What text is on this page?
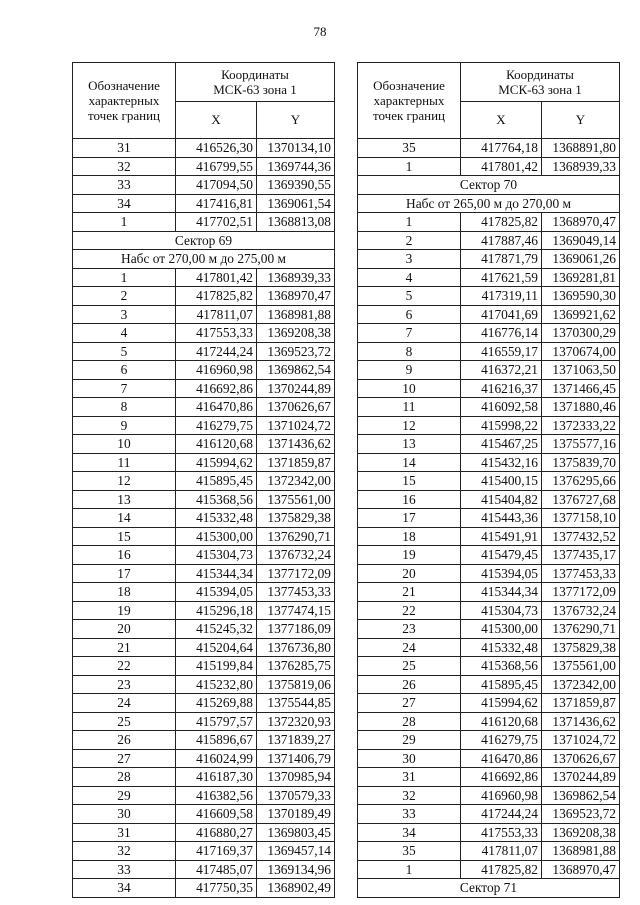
78
Обозначение
характерных
точек границ	Координаты
МСК-63 зона 1	
	X	Y
31	416526,30	1370134,10
32	416799,55	1369744,36
33	417094,50	1369390,55
34	417416,81	1369061,54
1	417702,51	1368813,08
Сектор 69		
Набс от 270,00 м до 275,00 м		
1	417801,42	1368939,33
2	417825,82	1368970,47
3	417811,07	1368981,88
4	417553,33	1369208,38
5	417244,24	1369523,72
6	416960,98	1369862,54
7	416692,86	1370244,89
8	416470,86	1370626,67
9	416279,75	1371024,72
10	416120,68	1371436,62
11	415994,62	1371859,87
12	415895,45	1372342,00
13	415368,56	1375561,00
14	415332,48	1375829,38
15	415300,00	1376290,71
16	415304,73	1376732,24
17	415344,34	1377172,09
18	415394,05	1377453,33
19	415296,18	1377474,15
20	415245,32	1377186,09
21	415204,64	1376736,80
22	415199,84	1376285,75
23	415232,80	1375819,06
24	415269,88	1375544,85
25	415797,57	1372320,93
26	415896,67	1371839,27
27	416024,99	1371406,79
28	416187,30	1370985,94
29	416382,56	1370579,33
30	416609,58	1370189,49
31	416880,27	1369803,45
32	417169,37	1369457,14
33	417485,07	1369134,96
34	417750,35	1368902,49
Обозначение
характерных
точек границ	Координаты
МСК-63 зона 1	
	X	Y
35	417764,18	1368891,80
1	417801,42	1368939,33
Сектор 70		
Набс от 265,00 м до 270,00 м		
1	417825,82	1368970,47
2	417887,46	1369049,14
3	417871,79	1369061,26
4	417621,59	1369281,81
5	417319,11	1369590,30
6	417041,69	1369921,62
7	416776,14	1370300,29
8	416559,17	1370674,00
9	416372,21	1371063,50
10	416216,37	1371466,45
11	416092,58	1371880,46
12	415998,22	1372333,22
13	415467,25	1375577,16
14	415432,16	1375839,70
15	415400,15	1376295,66
16	415404,82	1376727,68
17	415443,36	1377158,10
18	415491,91	1377432,52
19	415479,45	1377435,17
20	415394,05	1377453,33
21	415344,34	1377172,09
22	415304,73	1376732,24
23	415300,00	1376290,71
24	415332,48	1375829,38
25	415368,56	1375561,00
26	415895,45	1372342,00
27	415994,62	1371859,87
28	416120,68	1371436,62
29	416279,75	1371024,72
30	416470,86	1370626,67
31	416692,86	1370244,89
32	416960,98	1369862,54
33	417244,24	1369523,72
34	417553,33	1369208,38
35	417811,07	1368981,88
1	417825,82	1368970,47
Сектор 71		
